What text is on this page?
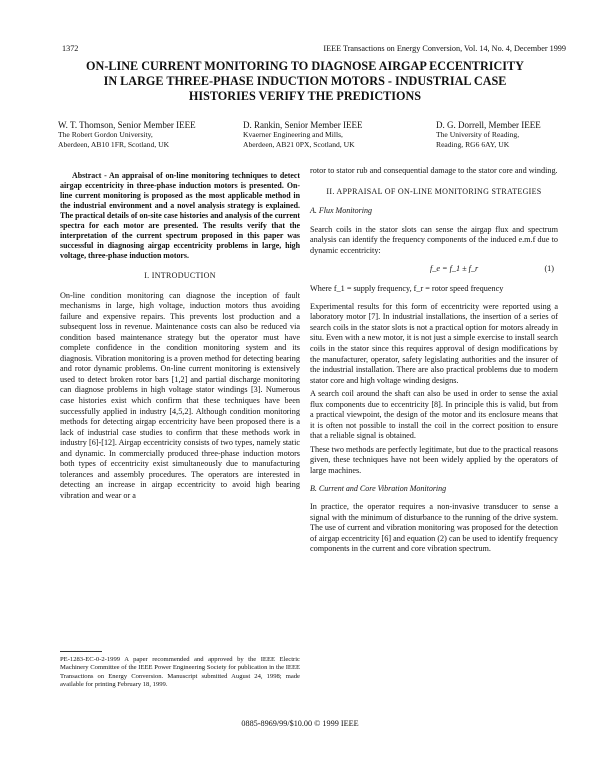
1372	IEEE Transactions on Energy Conversion, Vol. 14, No. 4, December 1999
ON-LINE CURRENT MONITORING TO DIAGNOSE AIRGAP ECCENTRICITY
IN LARGE THREE-PHASE INDUCTION MOTORS - INDUSTRIAL CASE
HISTORIES VERIFY THE PREDICTIONS
W. T. Thomson, Senior Member IEEE
The Robert Gordon University,
Aberdeen, AB10 1FR, Scotland, UK
D. Rankin, Senior Member IEEE
Kvaerner Engineering and Mills,
Aberdeen, AB21 0PX, Scotland, UK
D. G. Dorrell, Member IEEE
The University of Reading,
Reading, RG6 6AY, UK

Abstract - An appraisal of on-line monitoring techniques to detect airgap eccentricity in three-phase induction motors is presented. On-line current monitoring is proposed as the most applicable method in the industrial environment and a novel analysis strategy is explained. The practical details of on-site case histories and analysis of the current spectra for each motor are presented. The results verify that the interpretation of the current spectrum proposed in this paper was successful in diagnosing airgap eccentricity problems in large, high voltage, three-phase induction motors.

I. INTRODUCTION

On-line condition monitoring can diagnose the inception of fault mechanisms in large, high voltage, induction motors thus avoiding failure and expensive repairs. This prevents lost production and a subsequent loss in revenue. Maintenance costs can also be reduced via condition based maintenance strategy but the operator must have complete confidence in the condition monitoring system and its diagnosis. Vibration monitoring is a proven method for detecting bearing and rotor dynamic problems. On-line current monitoring is extensively used to detect broken rotor bars [1,2] and partial discharge monitoring can diagnose problems in high voltage stator windings [3]. Numerous case histories exist which confirm that these techniques have been successfully applied in industry [4,5,2]. Although condition monitoring methods for detecting airgap eccentricity have been proposed there is a lack of industrial case studies to confirm that these methods work in industry [6]-[12]. Airgap eccentricity consists of two types, namely static and dynamic. In commercially produced three-phase induction motors both types of eccentricity exist simultaneously due to manufacturing tolerances and assembly procedures. The operators are interested in detecting an increase in airgap eccentricity to avoid high bearing vibration and wear or a

PE-1283-EC-0-2-1999 A paper recommended and approved by the IEEE Electric Machinery Committee of the IEEE Power Engineering Society for publication in the IEEE Transactions on Energy Conversion. Manuscript submitted August 24, 1998; made available for printing February 18, 1999.

rotor to stator rub and consequential damage to the stator core and winding.

II. APPRAISAL OF ON-LINE MONITORING STRATEGIES
A. Flux Monitoring

Search coils in the stator slots can sense the airgap flux and spectrum analysis can identify the frequency components of the induced e.m.f due to dynamic eccentricity:

f_e = f_1 ± f_r	(1)

Where f_1 = supply frequency, f_r = rotor speed frequency

Experimental results for this form of eccentricity were reported using a laboratory motor [7]. In industrial installations, the insertion of a series of search coils in the stator slots is not a practical option for motors already in situ. Even with a new motor, it is not just a simple exercise to install search coils in the stator since this requires approval of design modifications by the manufacturer, operator, safety legislating authorities and the insurer of the industrial installation. There are also practical problems due to modern stator core and high voltage winding designs.

A search coil around the shaft can also be used in order to sense the axial flux components due to eccentricity [8]. In principle this is valid, but from a practical viewpoint, the design of the motor and its enclosure means that it is often not possible to install the coil in the correct position to ensure that a reliable signal is obtained.

These two methods are perfectly legitimate, but due to the practical reasons given, these techniques have not been widely applied by the operators of large machines.

B. Current and Core Vibration Monitoring

In practice, the operator requires a non-invasive transducer to sense a signal with the minimum of disturbance to the running of the drive system. The use of current and vibration monitoring was proposed for the detection of airgap eccentricity [6] and equation (2) can be used to identify frequency components in the current and core vibration spectrum.

0885-8969/99/$10.00 © 1999 IEEE
